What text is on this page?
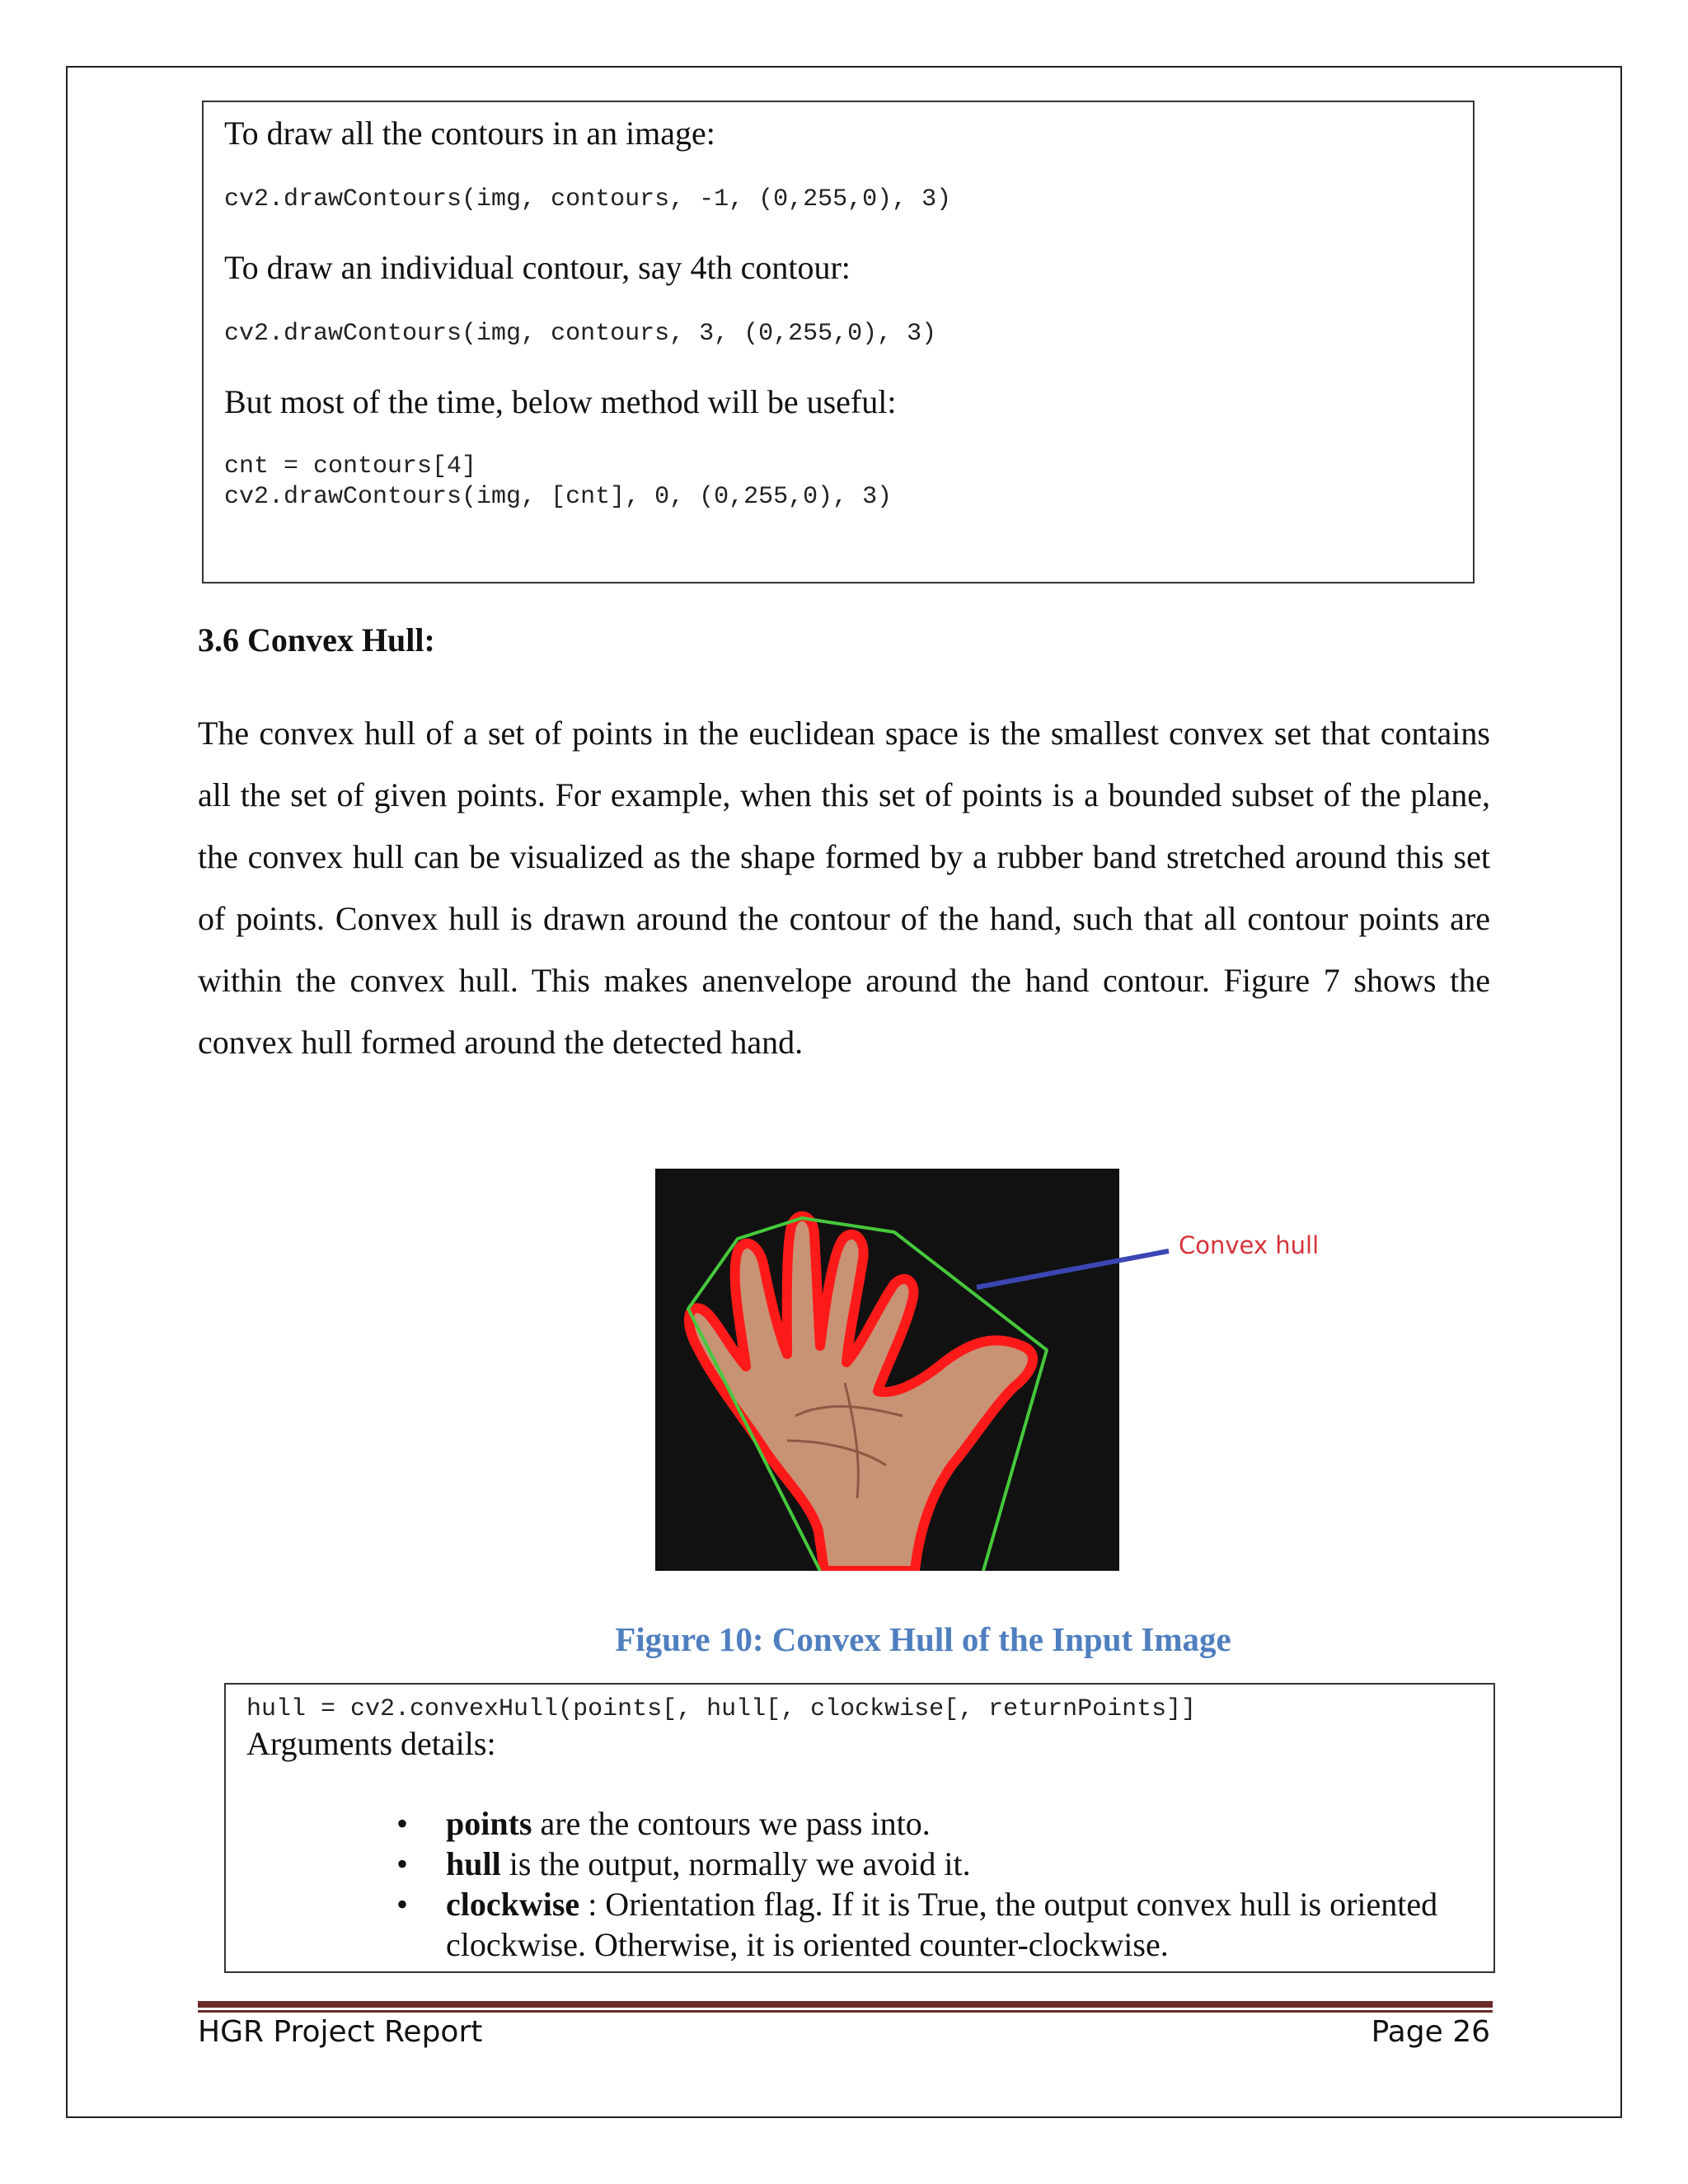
To draw all the contours in an image:

cv2.drawContours(img, contours, -1, (0,255,0), 3)

To draw an individual contour, say 4th contour:

cv2.drawContours(img, contours, 3, (0,255,0), 3)

But most of the time, below method will be useful:

cnt = contours[4]
cv2.drawContours(img, [cnt], 0, (0,255,0), 3)

3.6 Convex Hull:

The convex hull of a set of points in the euclidean space is the smallest convex set that contains all the set of given points. For example, when this set of points is a bounded subset of the plane, the convex hull can be visualized as the shape formed by a rubber band stretched around this set of points. Convex hull is drawn around the contour of the hand, such that all contour points are within the convex hull. This makes anenvelope around the hand contour. Figure 7 shows the convex hull formed around the detected hand.

Convex hull

Figure 10: Convex Hull of the Input Image

hull = cv2.convexHull(points[, hull[, clockwise[, returnPoints]]

Arguments details:

• points are the contours we pass into.
• hull is the output, normally we avoid it.
• clockwise : Orientation flag. If it is True, the output convex hull is oriented clockwise. Otherwise, it is oriented counter-clockwise.
HGR Project Report	Page 26
